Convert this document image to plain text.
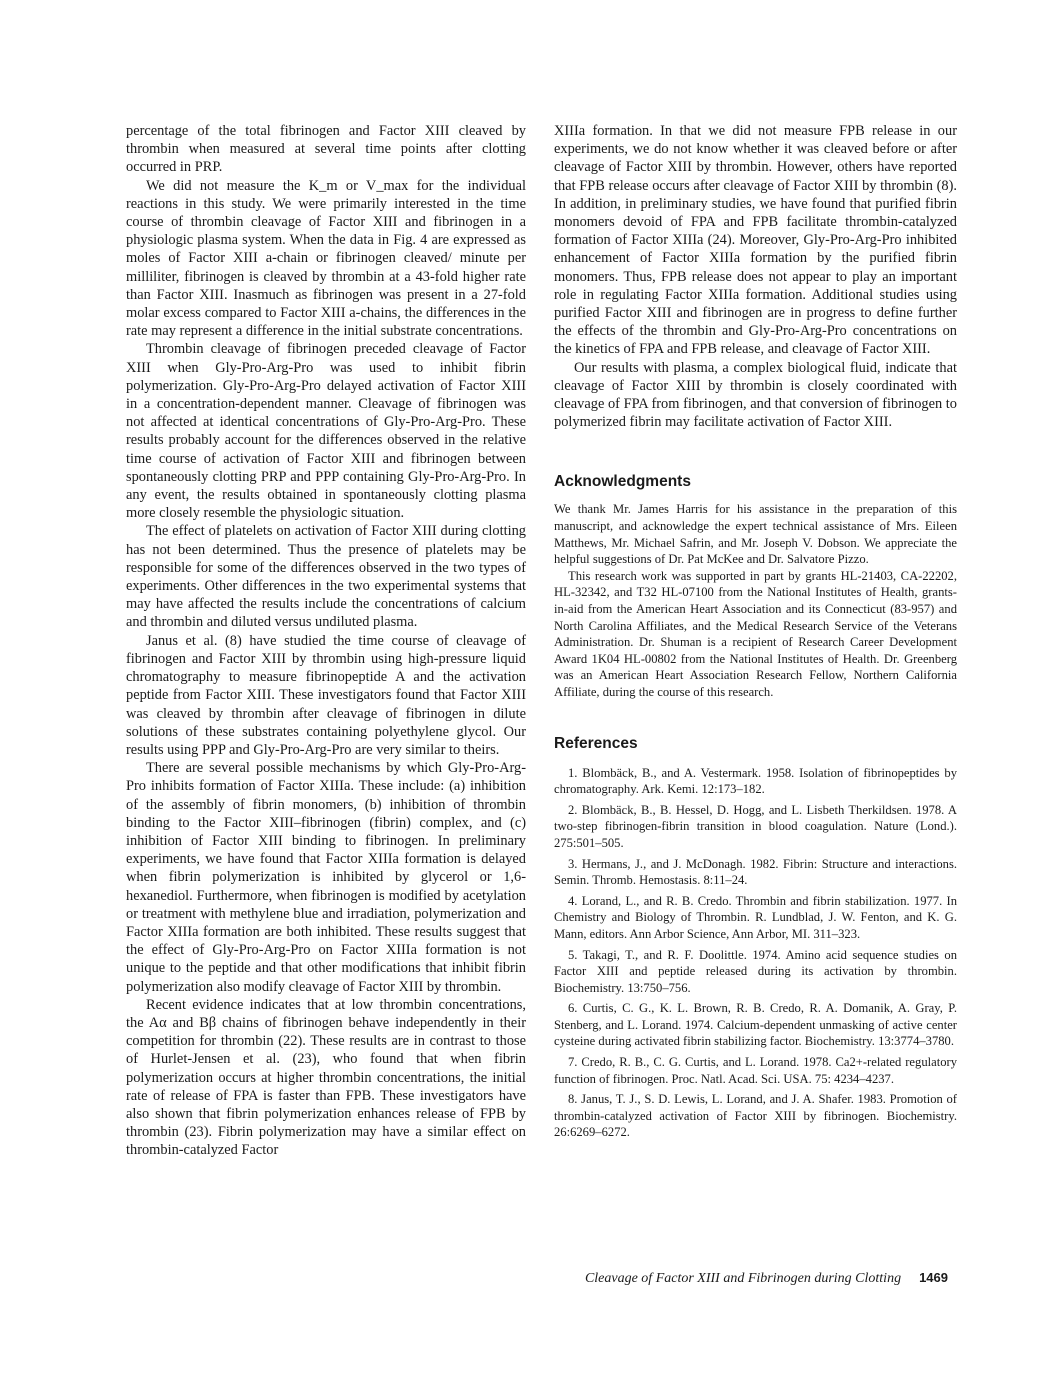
percentage of the total fibrinogen and Factor XIII cleaved by thrombin when measured at several time points after clotting occurred in PRP.

We did not measure the K_m or V_max for the individual reactions in this study. We were primarily interested in the time course of thrombin cleavage of Factor XIII and fibrinogen in a physiologic plasma system. When the data in Fig. 4 are expressed as moles of Factor XIII a-chain or fibrinogen cleaved/ minute per milliliter, fibrinogen is cleaved by thrombin at a 43-fold higher rate than Factor XIII. Inasmuch as fibrinogen was present in a 27-fold molar excess compared to Factor XIII a-chains, the differences in the rate may represent a difference in the initial substrate concentrations.

Thrombin cleavage of fibrinogen preceded cleavage of Factor XIII when Gly-Pro-Arg-Pro was used to inhibit fibrin polymerization. Gly-Pro-Arg-Pro delayed activation of Factor XIII in a concentration-dependent manner. Cleavage of fibrinogen was not affected at identical concentrations of Gly-Pro-Arg-Pro. These results probably account for the differences observed in the relative time course of activation of Factor XIII and fibrinogen between spontaneously clotting PRP and PPP containing Gly-Pro-Arg-Pro. In any event, the results obtained in spontaneously clotting plasma more closely resemble the physiologic situation.

The effect of platelets on activation of Factor XIII during clotting has not been determined. Thus the presence of platelets may be responsible for some of the differences observed in the two types of experiments. Other differences in the two experimental systems that may have affected the results include the concentrations of calcium and thrombin and diluted versus undiluted plasma.

Janus et al. (8) have studied the time course of cleavage of fibrinogen and Factor XIII by thrombin using high-pressure liquid chromatography to measure fibrinopeptide A and the activation peptide from Factor XIII. These investigators found that Factor XIII was cleaved by thrombin after cleavage of fibrinogen in dilute solutions of these substrates containing polyethylene glycol. Our results using PPP and Gly-Pro-Arg-Pro are very similar to theirs.

There are several possible mechanisms by which Gly-Pro-Arg-Pro inhibits formation of Factor XIIIa. These include: (a) inhibition of the assembly of fibrin monomers, (b) inhibition of thrombin binding to the Factor XIII–fibrinogen (fibrin) complex, and (c) inhibition of Factor XIII binding to fibrinogen. In preliminary experiments, we have found that Factor XIIIa formation is delayed when fibrin polymerization is inhibited by glycerol or 1,6-hexanediol. Furthermore, when fibrinogen is modified by acetylation or treatment with methylene blue and irradiation, polymerization and Factor XIIIa formation are both inhibited. These results suggest that the effect of Gly-Pro-Arg-Pro on Factor XIIIa formation is not unique to the peptide and that other modifications that inhibit fibrin polymerization also modify cleavage of Factor XIII by thrombin.

Recent evidence indicates that at low thrombin concentrations, the Aα and Bβ chains of fibrinogen behave independently in their competition for thrombin (22). These results are in contrast to those of Hurlet-Jensen et al. (23), who found that when fibrin polymerization occurs at higher thrombin concentrations, the initial rate of release of FPA is faster than FPB. These investigators have also shown that fibrin polymerization enhances release of FPB by thrombin (23). Fibrin polymerization may have a similar effect on thrombin-catalyzed Factor

XIIIa formation. In that we did not measure FPB release in our experiments, we do not know whether it was cleaved before or after cleavage of Factor XIII by thrombin. However, others have reported that FPB release occurs after cleavage of Factor XIII by thrombin (8). In addition, in preliminary studies, we have found that purified fibrin monomers devoid of FPA and FPB facilitate thrombin-catalyzed formation of Factor XIIIa (24). Moreover, Gly-Pro-Arg-Pro inhibited enhancement of Factor XIIIa formation by the purified fibrin monomers. Thus, FPB release does not appear to play an important role in regulating Factor XIIIa formation. Additional studies using purified Factor XIII and fibrinogen are in progress to define further the effects of the thrombin and Gly-Pro-Arg-Pro concentrations on the kinetics of FPA and FPB release, and cleavage of Factor XIII.

Our results with plasma, a complex biological fluid, indicate that cleavage of Factor XIII by thrombin is closely coordinated with cleavage of FPA from fibrinogen, and that conversion of fibrinogen to polymerized fibrin may facilitate activation of Factor XIII.

Acknowledgments

We thank Mr. James Harris for his assistance in the preparation of this manuscript, and acknowledge the expert technical assistance of Mrs. Eileen Matthews, Mr. Michael Safrin, and Mr. Joseph V. Dobson. We appreciate the helpful suggestions of Dr. Pat McKee and Dr. Salvatore Pizzo.

This research work was supported in part by grants HL-21403, CA-22202, HL-32342, and T32 HL-07100 from the National Institutes of Health, grants-in-aid from the American Heart Association and its Connecticut (83-957) and North Carolina Affiliates, and the Medical Research Service of the Veterans Administration. Dr. Shuman is a recipient of Research Career Development Award 1K04 HL-00802 from the National Institutes of Health. Dr. Greenberg was an American Heart Association Research Fellow, Northern California Affiliate, during the course of this research.

References

1. Blombäck, B., and A. Vestermark. 1958. Isolation of fibrinopeptides by chromatography. Ark. Kemi. 12:173–182.

2. Blombäck, B., B. Hessel, D. Hogg, and L. Lisbeth Therkildsen. 1978. A two-step fibrinogen-fibrin transition in blood coagulation. Nature (Lond.). 275:501–505.

3. Hermans, J., and J. McDonagh. 1982. Fibrin: Structure and interactions. Semin. Thromb. Hemostasis. 8:11–24.

4. Lorand, L., and R. B. Credo. Thrombin and fibrin stabilization. 1977. In Chemistry and Biology of Thrombin. R. Lundblad, J. W. Fenton, and K. G. Mann, editors. Ann Arbor Science, Ann Arbor, MI. 311–323.

5. Takagi, T., and R. F. Doolittle. 1974. Amino acid sequence studies on Factor XIII and peptide released during its activation by thrombin. Biochemistry. 13:750–756.

6. Curtis, C. G., K. L. Brown, R. B. Credo, R. A. Domanik, A. Gray, P. Stenberg, and L. Lorand. 1974. Calcium-dependent unmasking of active center cysteine during activated fibrin stabilizing factor. Biochemistry. 13:3774–3780.

7. Credo, R. B., C. G. Curtis, and L. Lorand. 1978. Ca2+-related regulatory function of fibrinogen. Proc. Natl. Acad. Sci. USA. 75: 4234–4237.

8. Janus, T. J., S. D. Lewis, L. Lorand, and J. A. Shafer. 1983. Promotion of thrombin-catalyzed activation of Factor XIII by fibrinogen. Biochemistry. 26:6269–6272.

Cleavage of Factor XIII and Fibrinogen during Clotting 1469
